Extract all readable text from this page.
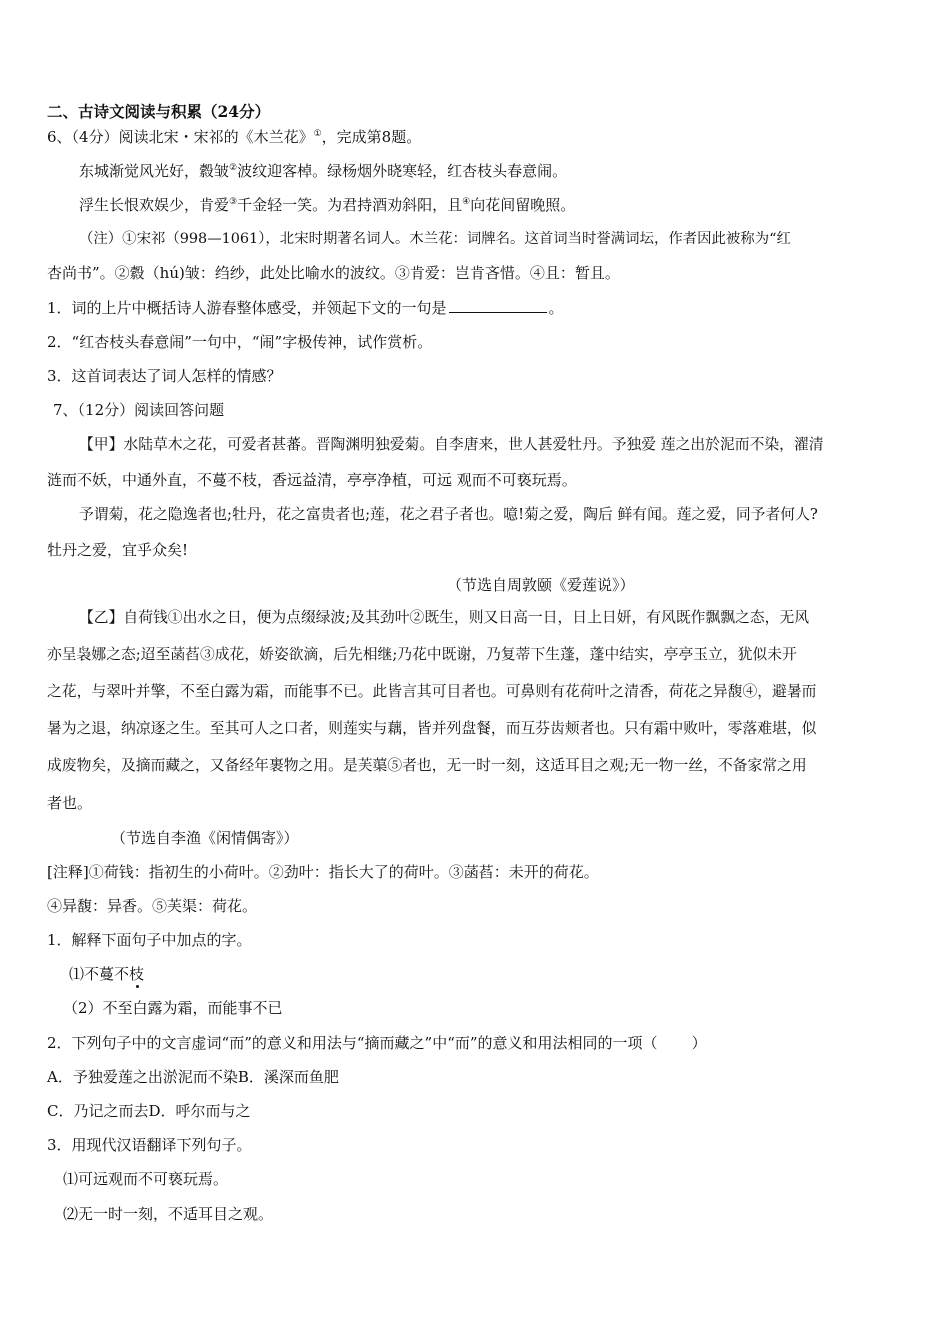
二、古诗文阅读与积累（24分）
6、（4分）阅读北宋・宋祁的《木兰花》①，完成第8题。
东城渐觉风光好，縠皱②波纹迎客棹。绿杨烟外晓寒轻，红杏枝头春意闹。
浮生长恨欢娱少，肯爱③千金轻一笑。为君持酒劝斜阳，且④向花间留晚照。
（注）①宋祁（998—1061），北宋时期著名词人。木兰花：词牌名。这首词当时誉满词坛，作者因此被称为“红
杏尚书”。②縠（hú)皱：绉纱，此处比喻水的波纹。③肯爱：岂肯吝惜。④且：暂且。
1．词的上片中概括诗人游春整体感受，并领起下文的一句是	。
2．“红杏枝头春意闹”一句中，“闹”字极传神，试作赏析。
3．这首词表达了词人怎样的情感？
7、（12分）阅读回答问题
【甲】水陆草木之花，可爱者甚蕃。晋陶渊明独爱菊。自李唐来，世人甚爱牡丹。予独爱 莲之出於泥而不染，濯清
涟而不妖，中通外直，不蔓不枝，香远益清，亭亭净植，可远 观而不可亵玩焉。
予谓菊，花之隐逸者也;牡丹，花之富贵者也;莲，花之君子者也。噫!菊之爱，陶后 鲜有闻。莲之爱，同予者何人?
牡丹之爱，宜乎众矣!
（节选自周敦颐《爱莲说》）
【乙】自荷钱①出水之日，便为点缀绿波;及其劲叶②既生，则又日高一日，日上日妍，有风既作飘飘之态，无风
亦呈袅娜之态;迢至菡萏③成花，娇姿欲滴，后先相继;乃花中既谢，乃复蒂下生蓬，蓬中结实，亭亭玉立，犹似未开
之花，与翠叶并擎，不至白露为霜，而能事不已。此皆言其可目者也。可鼻则有花荷叶之清香，荷花之异馥④，避暑而
暑为之退，纳凉逐之生。至其可人之口者，则莲实与藕，皆并列盘餐，而互芬齿颊者也。只有霜中败叶，零落难堪，似
成废物矣，及摘而藏之，又备经年裹物之用。是芙蕖⑤者也，无一时一刻，这适耳目之观;无一物一丝，不备家常之用
者也。
（节选自李渔《闲情偶寄》）
[注释]①荷钱：指初生的小荷叶。②劲叶：指长大了的荷叶。③菡萏：未开的荷花。
④异馥：异香。⑤芙渠：荷花。
1．解释下面句子中加点的字。
⑴不蔓不枝
（2）不至白露为霜，而能事不已
2．下列句子中的文言虚词“而”的意义和用法与“摘而藏之”中“而”的意义和用法相同的一项（ ）
A．予独爱莲之出淤泥而不染B．溪深而鱼肥
C．乃记之而去D．呼尔而与之
3．用现代汉语翻译下列句子。
⑴可远观而不可亵玩焉。
⑵无一时一刻，不适耳目之观。
